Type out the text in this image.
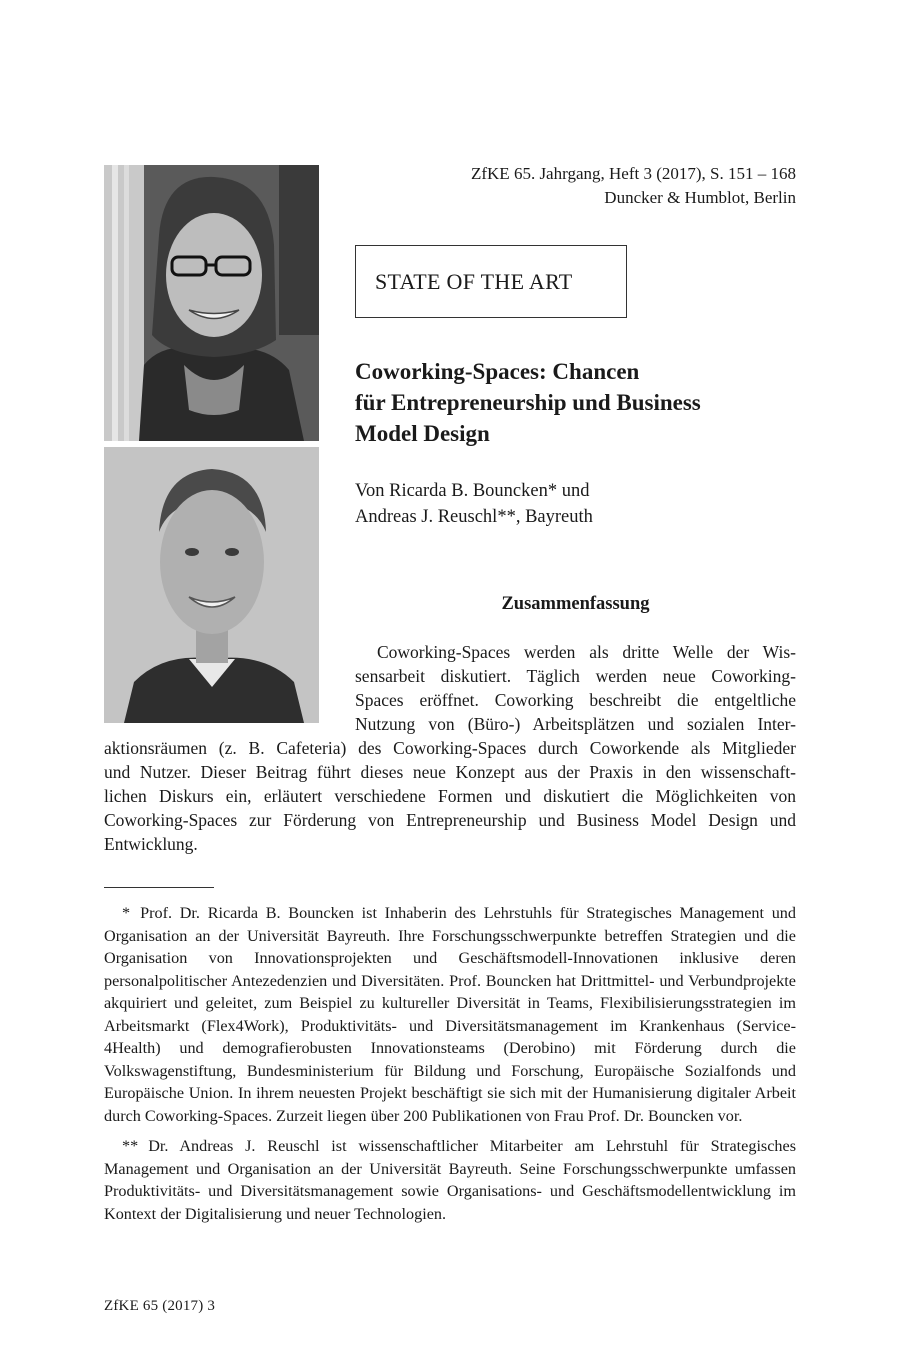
ZfKE 65. Jahrgang, Heft 3 (2017), S. 151 – 168
Duncker & Humblot, Berlin
STATE OF THE ART
Coworking-Spaces: Chancen
für Entrepreneurship und Business
Model Design
Von Ricarda B. Bouncken* und
Andreas J. Reuschl**, Bayreuth
Zusammenfassung
Coworking-Spaces werden als dritte Welle der Wis-
sensarbeit diskutiert. Täglich werden neue Coworking-
Spaces eröffnet. Coworking beschreibt die entgeltliche
Nutzung von (Büro-) Arbeitsplätzen und sozialen Inter-
aktionsräumen (z. B. Cafeteria) des Coworking-Spaces durch Coworkende als Mitglieder
und Nutzer. Dieser Beitrag führt dieses neue Konzept aus der Praxis in den wissenschaft-
lichen Diskurs ein, erläutert verschiedene Formen und diskutiert die Möglichkeiten von
Coworking-Spaces zur Förderung von Entrepreneurship und Business Model Design und
Entwicklung.

* Prof. Dr. Ricarda B. Bouncken ist Inhaberin des Lehrstuhls für Strategisches Management und Organisation an der Universität Bayreuth. Ihre Forschungsschwerpunkte betreffen Strategien und die Organisation von Innovationsprojekten und Geschäftsmodell-Innovationen inklusive deren personalpolitischer Antezedenzien und Diversitäten. Prof. Bouncken hat Drittmittel- und Verbundprojekte akquiriert und geleitet, zum Beispiel zu kultureller Diversität in Teams, Flexibilisierungsstrategien im Arbeitsmarkt (Flex4Work), Produktivitäts- und Diversitätsmanagement im Krankenhaus (Service-4Health) und demografierobusten Innovationsteams (Derobino) mit Förderung durch die Volkswagenstiftung, Bundesministerium für Bildung und Forschung, Europäische Sozialfonds und Europäische Union. In ihrem neuesten Projekt beschäftigt sie sich mit der Humanisierung digitaler Arbeit durch Coworking-Spaces. Zurzeit liegen über 200 Publikationen von Frau Prof. Dr. Bouncken vor.

** Dr. Andreas J. Reuschl ist wissenschaftlicher Mitarbeiter am Lehrstuhl für Strategisches Management und Organisation an der Universität Bayreuth. Seine Forschungsschwerpunkte umfassen Produktivitäts- und Diversitätsmanagement sowie Organisations- und Geschäftsmodellentwicklung im Kontext der Digitalisierung und neuer Technologien.

ZfKE 65 (2017) 3
